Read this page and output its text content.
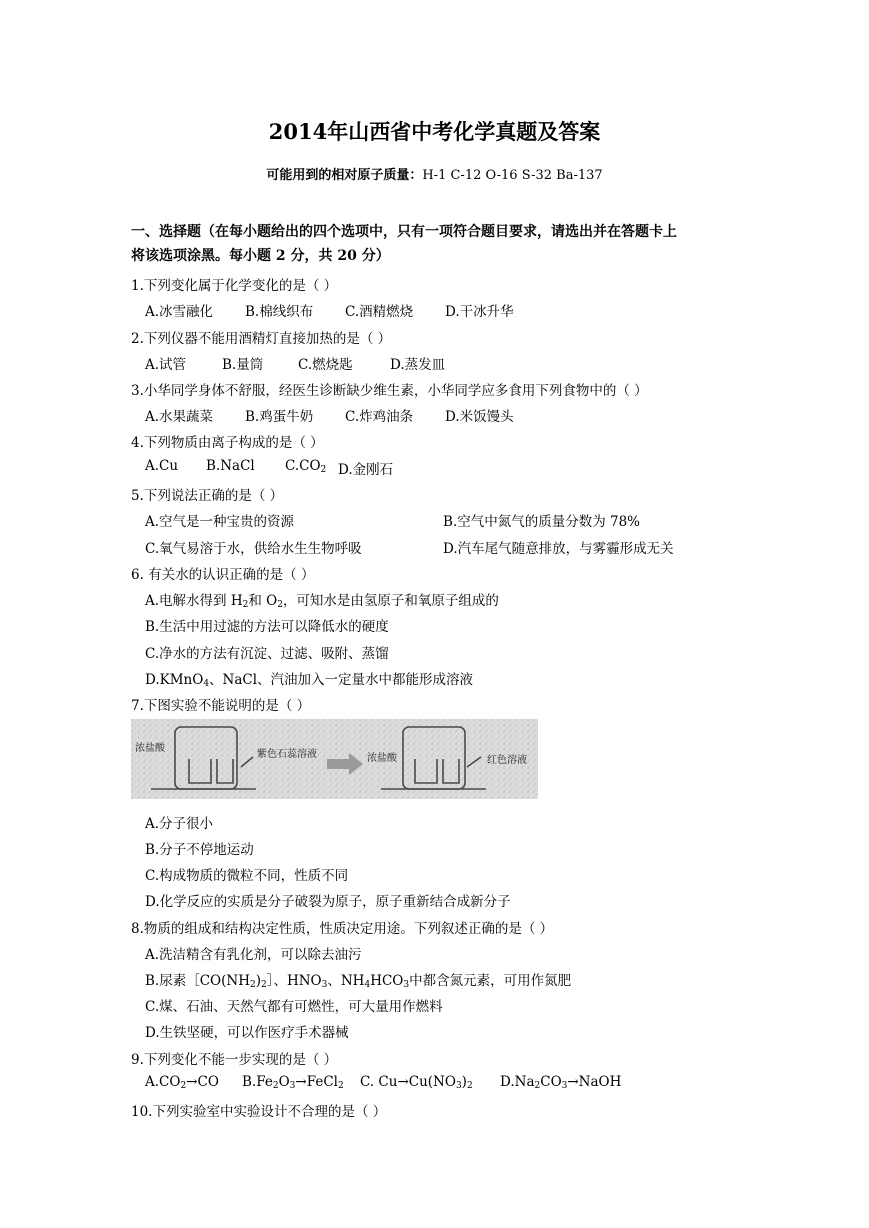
2014年山西省中考化学真题及答案
可能用到的相对原子质量：H-1 C-12 O-16 S-32 Ba-137
一、选择题（在每小题给出的四个选项中，只有一项符合题目要求，请选出并在答题卡上
将该选项涂黑。每小题 2 分，共 20 分）
1.下列变化属于化学变化的是（ ）
A.冰雪融化 B.棉线织布 C.酒精燃烧 D.干冰升华
2.下列仪器不能用酒精灯直接加热的是（ ）
A.试管	B.量筒	C.燃烧匙	D.蒸发皿
3.小华同学身体不舒服，经医生诊断缺少维生素，小华同学应多食用下列食物中的（ ）
A.水果蔬菜 B.鸡蛋牛奶 C.炸鸡油条 D.米饭馒头
4.下列物质由离子构成的是（ ）
A.Cu B.NaCl $C.CO_2$ D.金刚石
5.下列说法正确的是（ ）
A.空气是一种宝贵的资源	B.空气中氮气的质量分数为 78%
C.氧气易溶于水，供给水生生物呼吸	D.汽车尾气随意排放，与雾霾形成无关
6. 有关水的认识正确的是（ ）
A.电解水得到 $H_2$和 $O_2$，可知水是由氢原子和氧原子组成的
B.生活中用过滤的方法可以降低水的硬度
C.净水的方法有沉淀、过滤、吸附、蒸馏
D.KMnO$_4$、NaCl、汽油加入一定量水中都能形成溶液
7.下图实验不能说明的是（ ）
浓盐酸
紫色石蕊溶液	浓盐酸	红色溶液
A.分子很小
B.分子不停地运动
C.构成物质的微粒不同，性质不同
D.化学反应的实质是分子破裂为原子，原子重新结合成新分子
8.物质的组成和结构决定性质，性质决定用途。下列叙述正确的是（ ）
A.洗洁精含有乳化剂，可以除去油污
B.尿素$[CO(NH_2)_2]$、$HNO_3$、$NH_4HCO_3$中都含氮元素，可用作氮肥
C.煤、石油、天然气都有可燃性，可大量用作燃料
D.生铁坚硬，可以作医疗手术器械
9.下列变化不能一步实现的是（ ）
$A.CO_2\to CO$ $B.Fe_2O_3\to FeCl_2$ C. $Cu\to Cu(NO_3)_2$ $D.Na_2CO_3\to NaOH$
10.下列实验室中实验设计不合理的是（ ）
